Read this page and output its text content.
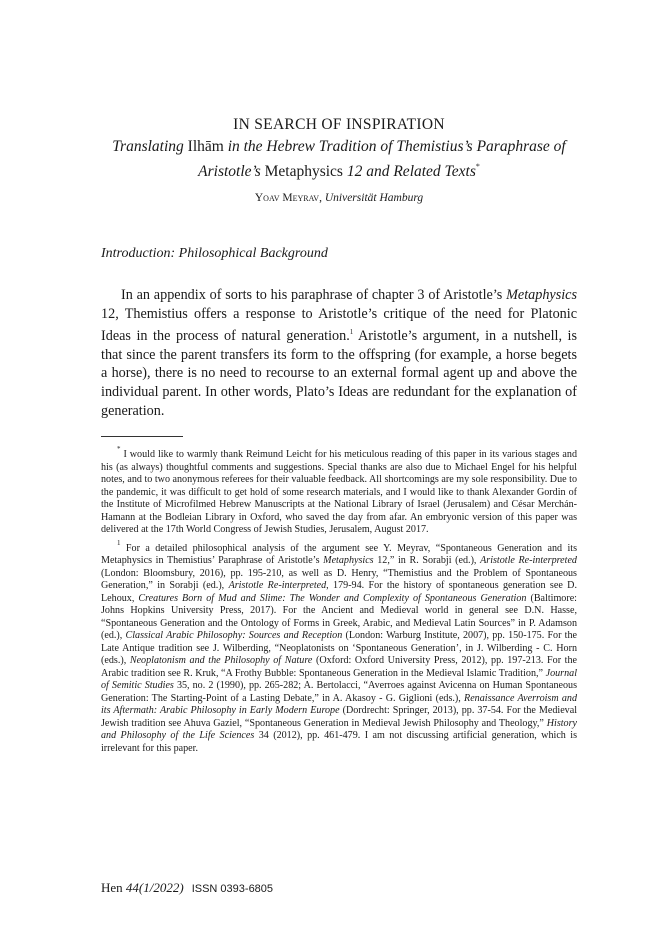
IN SEARCH OF INSPIRATION
Translating Ilhām in the Hebrew Tradition of Themistius’s Paraphrase of Aristotle’s Metaphysics 12 and Related Texts*
Yoav Meyrav, Universität Hamburg
Introduction: Philosophical Background

In an appendix of sorts to his paraphrase of chapter 3 of Aristotle’s Metaphysics 12, Themistius offers a response to Aristotle’s critique of the need for Platonic Ideas in the process of natural generation.$^1$ Aristotle’s argument, in a nutshell, is that since the parent transfers its form to the offspring (for example, a horse begets a horse), there is no need to recourse to an external formal agent up and above the individual parent. In other words, Plato’s Ideas are redundant for the explanation of generation.

* I would like to warmly thank Reimund Leicht for his meticulous reading of this paper in its various stages and his (as always) thoughtful comments and suggestions. Special thanks are also due to Michael Engel for his helpful notes, and to two anonymous referees for their valuable feedback. All shortcomings are my sole responsibility. Due to the pandemic, it was difficult to get hold of some research materials, and I would like to thank Alexander Gordin of the Institute of Microfilmed Hebrew Manuscripts at the National Library of Israel (Jerusalem) and César Merchán-Hamann at the Bodleian Library in Oxford, who saved the day from afar. An embryonic version of this paper was delivered at the 17th World Congress of Jewish Studies, Jerusalem, August 2017.

$^1$ For a detailed philosophical analysis of the argument see Y. Meyrav, “Spontaneous Generation and its Metaphysics in Themistius’ Paraphrase of Aristotle’s Metaphysics 12,” in R. Sorabji (ed.), Aristotle Re-interpreted (London: Bloomsbury, 2016), pp. 195-210, as well as D. Henry, “Themistius and the Problem of Spontaneous Generation,” in Sorabji (ed.), Aristotle Re-interpreted, 179-94. For the history of spontaneous generation see D. Lehoux, Creatures Born of Mud and Slime: The Wonder and Complexity of Spontaneous Generation (Baltimore: Johns Hopkins University Press, 2017). For the Ancient and Medieval world in general see D.N. Hasse, “Spontaneous Generation and the Ontology of Forms in Greek, Arabic, and Medieval Latin Sources” in P. Adamson (ed.), Classical Arabic Philosophy: Sources and Reception (London: Warburg Institute, 2007), pp. 150-175. For the Late Antique tradition see J. Wilberding, “Neoplatonists on ‘Spontaneous Generation’, in J. Wilberding - C. Horn (eds.), Neoplatonism and the Philosophy of Nature (Oxford: Oxford University Press, 2012), pp. 197-213. For the Arabic tradition see R. Kruk, “A Frothy Bubble: Spontaneous Generation in the Medieval Islamic Tradition,” Journal of Semitic Studies 35, no. 2 (1990), pp. 265-282; A. Bertolacci, “Averroes against Avicenna on Human Spontaneous Generation: The Starting-Point of a Lasting Debate,” in A. Akasoy - G. Giglioni (eds.), Renaissance Averroism and its Aftermath: Arabic Philosophy in Early Modern Europe (Dordrecht: Springer, 2013), pp. 37-54. For the Medieval Jewish tradition see Ahuva Gaziel, “Spontaneous Generation in Medieval Jewish Philosophy and Theology,” History and Philosophy of the Life Sciences 34 (2012), pp. 461-479. I am not discussing artificial generation, which is irrelevant for this paper.

Hen 44(1/2022) ISSN 0393-6805
